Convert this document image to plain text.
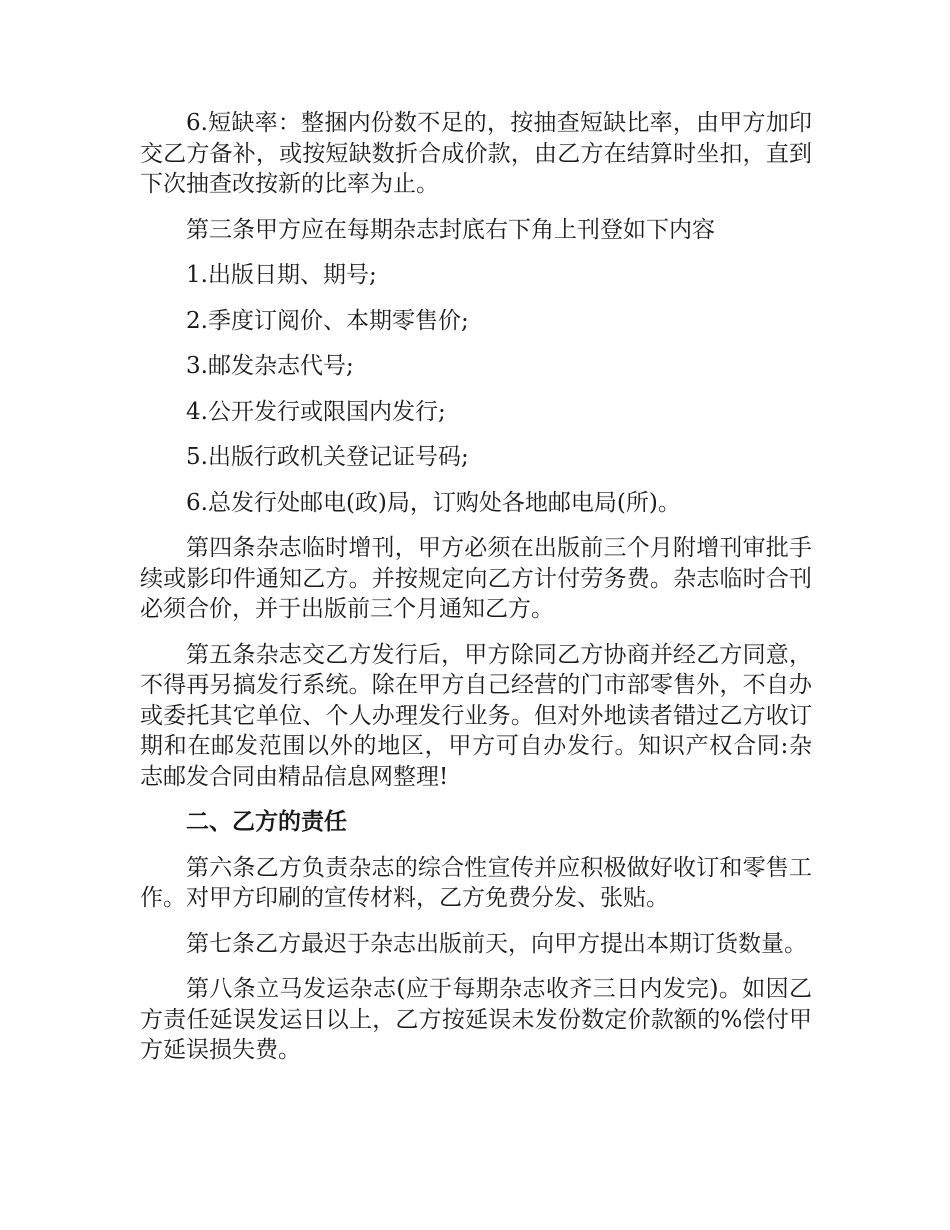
6.短缺率：整捆内份数不足的，按抽查短缺比率，由甲方加印交乙方备补，或按短缺数折合成价款，由乙方在结算时坐扣，直到下次抽查改按新的比率为止。

第三条甲方应在每期杂志封底右下角上刊登如下内容

1.出版日期、期号;

2.季度订阅价、本期零售价;

3.邮发杂志代号;

4.公开发行或限国内发行;

5.出版行政机关登记证号码;

6.总发行处邮电(政)局，订购处各地邮电局(所)。

第四条杂志临时增刊，甲方必须在出版前三个月附增刊审批手续或影印件通知乙方。并按规定向乙方计付劳务费。杂志临时合刊必须合价，并于出版前三个月通知乙方。

第五条杂志交乙方发行后，甲方除同乙方协商并经乙方同意，不得再另搞发行系统。除在甲方自己经营的门市部零售外，不自办或委托其它单位、个人办理发行业务。但对外地读者错过乙方收订期和在邮发范围以外的地区，甲方可自办发行。知识产权合同:杂志邮发合同由精品信息网整理!

二、乙方的责任

第六条乙方负责杂志的综合性宣传并应积极做好收订和零售工作。对甲方印刷的宣传材料，乙方免费分发、张贴。

第七条乙方最迟于杂志出版前天，向甲方提出本期订货数量。

第八条立马发运杂志(应于每期杂志收齐三日内发完)。如因乙方责任延误发运日以上，乙方按延误未发份数定价款额的%偿付甲方延误损失费。
